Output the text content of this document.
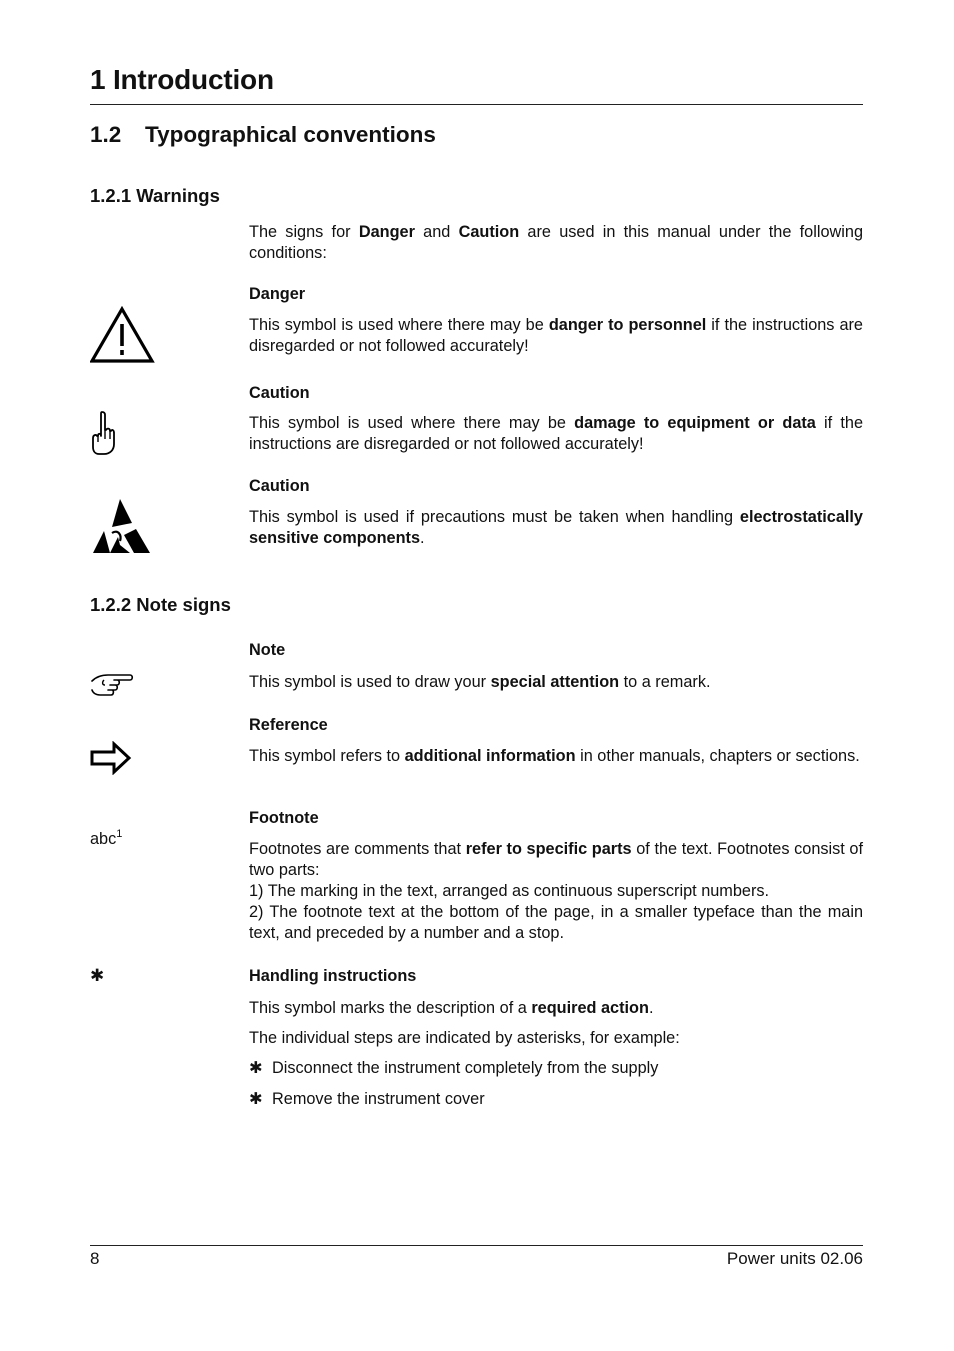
1 Introduction
1.2 Typographical conventions
1.2.1 Warnings
The signs for Danger and Caution are used in this manual under the following conditions:
Danger
This symbol is used where there may be danger to personnel if the instructions are disregarded or not followed accurately!
Caution
This symbol is used where there may be damage to equipment or data if the instructions are disregarded or not followed accurately!
Caution
This symbol is used if precautions must be taken when handling electrostatically sensitive components.
1.2.2 Note signs
Note
This symbol is used to draw your special attention to a remark.
Reference
This symbol refers to additional information in other manuals, chapters or sections.
abc$^1$
Footnote
Footnotes are comments that refer to specific parts of the text. Footnotes consist of two parts:
1) The marking in the text, arranged as continuous superscript numbers.
2) The footnote text at the bottom of the page, in a smaller typeface than the main text, and preceded by a number and a stop.
✱	Handling instructions
This symbol marks the description of a required action.
The individual steps are indicated by asterisks, for example:
✱ Disconnect the instrument completely from the supply
✱ Remove the instrument cover
8	Power units 02.06
